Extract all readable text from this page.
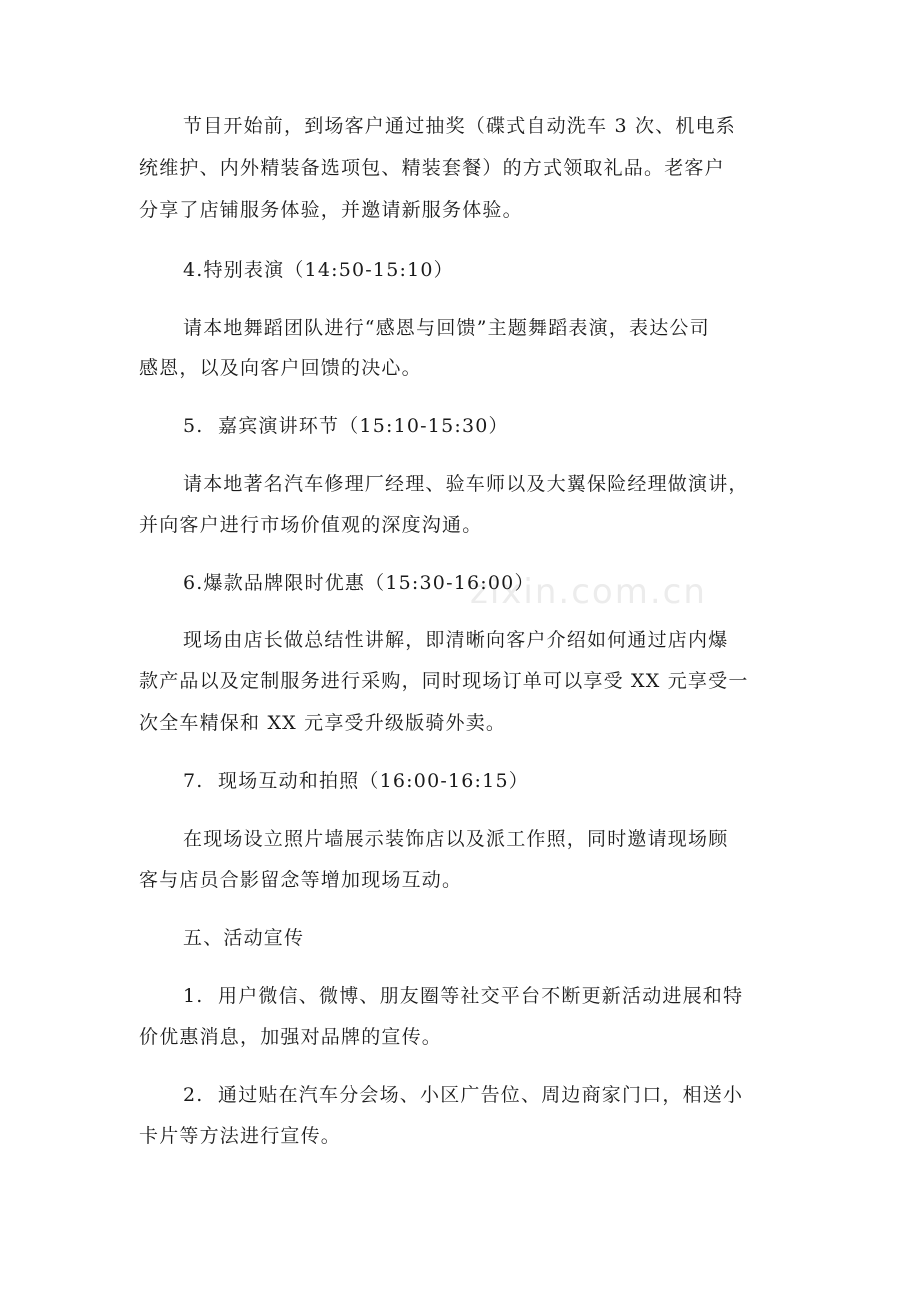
zixin.com.cn
节目开始前，到场客户通过抽奖（碟式自动洗车 3 次、机电系
统维护、内外精装备选项包、精装套餐）的方式领取礼品。老客户
分享了店铺服务体验，并邀请新服务体验。
4.特别表演（14:50-15:10）
请本地舞蹈团队进行“感恩与回馈”主题舞蹈表演，表达公司
感恩，以及向客户回馈的决心。
5.  嘉宾演讲环节（15:10-15:30）
请本地著名汽车修理厂经理、验车师以及大翼保险经理做演讲，
并向客户进行市场价值观的深度沟通。
6.爆款品牌限时优惠（15:30-16:00）
现场由店长做总结性讲解，即清晰向客户介绍如何通过店内爆
款产品以及定制服务进行采购，同时现场订单可以享受 XX 元享受一
次全车精保和 XX 元享受升级版骑外卖。
7.  现场互动和拍照（16:00-16:15）
在现场设立照片墙展示装饰店以及派工作照，同时邀请现场顾
客与店员合影留念等增加现场互动。
五、活动宣传
1.  用户微信、微博、朋友圈等社交平台不断更新活动进展和特
价优惠消息，加强对品牌的宣传。
2.  通过贴在汽车分会场、小区广告位、周边商家门口，相送小
卡片等方法进行宣传。
